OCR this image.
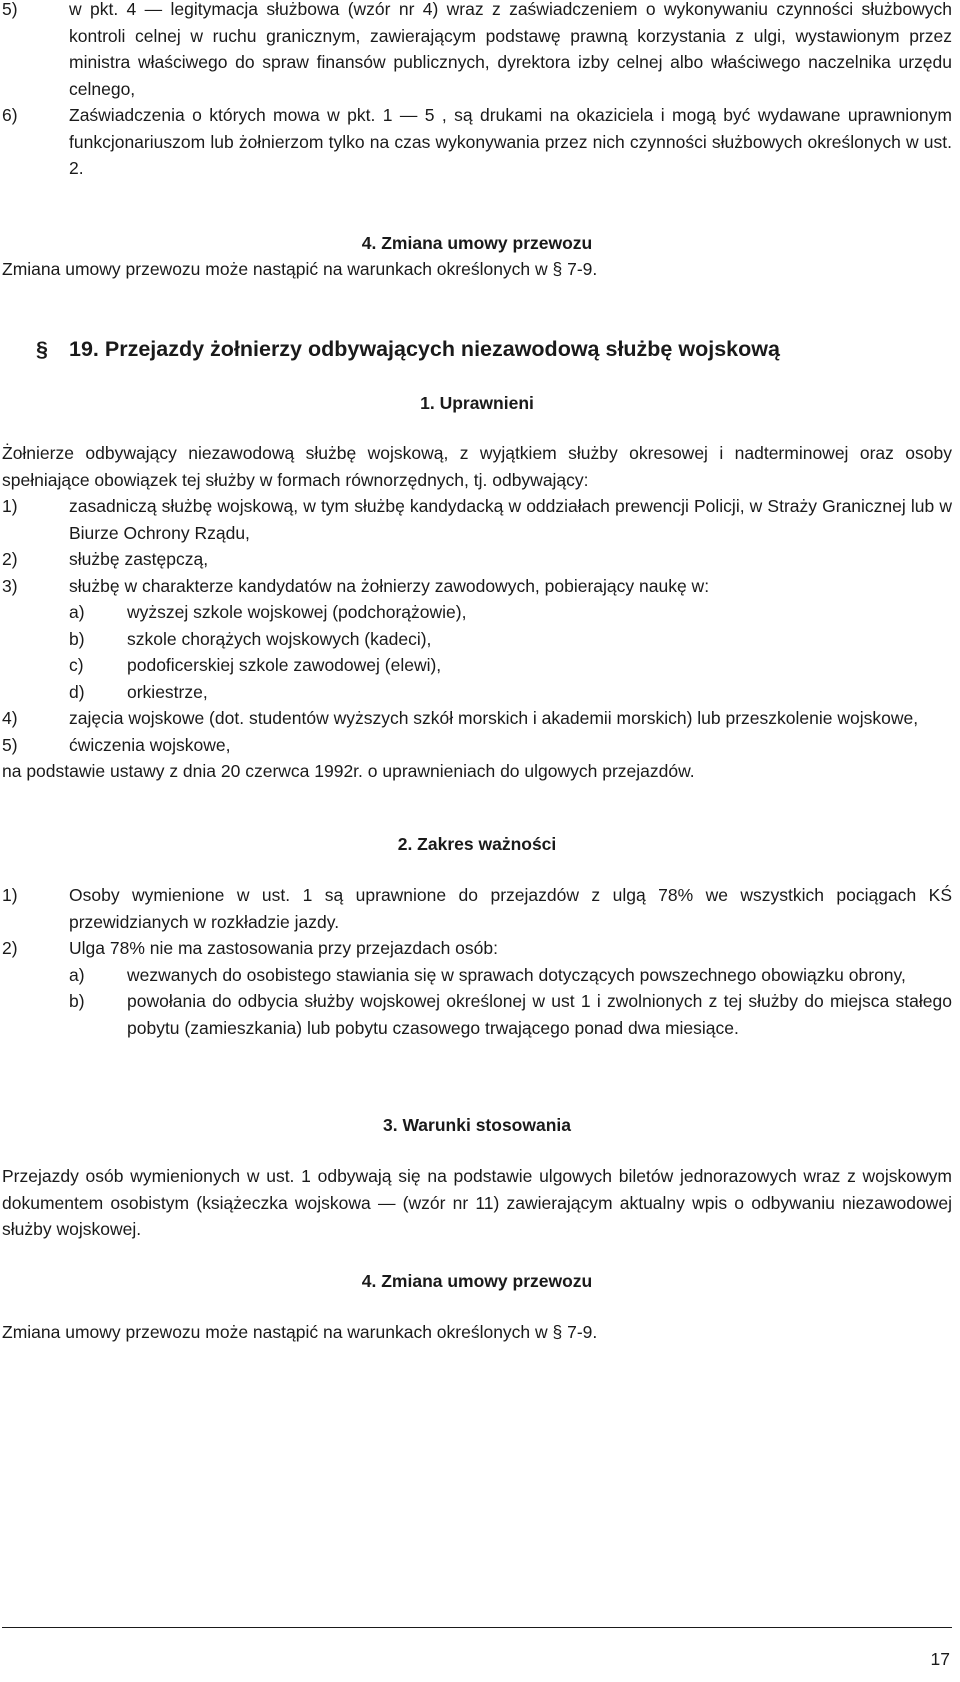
5)	w pkt. 4 — legitymacja służbowa (wzór nr 4) wraz z zaświadczeniem o wykonywaniu czynności służbowych kontroli celnej w ruchu granicznym, zawierającym podstawę prawną korzystania z ulgi, wystawionym przez ministra właściwego do spraw finansów publicznych, dyrektora izby celnej albo właściwego naczelnika urzędu celnego,
6)	Zaświadczenia o których mowa w pkt. 1 — 5 , są drukami na okaziciela i mogą być wydawane uprawnionym funkcjonariuszom lub żołnierzom tylko na czas wykonywania przez nich czynności służbowych określonych w ust. 2.
4. Zmiana umowy przewozu
Zmiana umowy przewozu może nastąpić na warunkach określonych w § 7-9.
§ 19. Przejazdy żołnierzy odbywających niezawodową służbę wojskową
1. Uprawnieni
Żołnierze odbywający niezawodową służbę wojskową, z wyjątkiem służby okresowej i nadterminowej oraz osoby spełniające obowiązek tej służby w formach równorzędnych, tj. odbywający:
1)	zasadniczą służbę wojskową, w tym służbę kandydacką w oddziałach prewencji Policji, w Straży Granicznej lub w Biurze Ochrony Rządu,
2)	służbę zastępczą,
3)	służbę w charakterze kandydatów na żołnierzy zawodowych, pobierający naukę w:
a) wyższej szkole wojskowej (podchorążowie),
b) szkole chorążych wojskowych (kadeci),
c) podoficerskiej szkole zawodowej (elewi),
d) orkiestrze,
4)	zajęcia wojskowe (dot. studentów wyższych szkół morskich i akademii morskich) lub przeszkolenie wojskowe,
5)	ćwiczenia wojskowe,
na podstawie ustawy z dnia 20 czerwca 1992r. o uprawnieniach do ulgowych przejazdów.
2. Zakres ważności
1)	Osoby wymienione w ust. 1 są uprawnione do przejazdów z ulgą 78% we wszystkich pociągach KŚ przewidzianych w rozkładzie jazdy.
2)	Ulga 78% nie ma zastosowania przy przejazdach osób:
a) wezwanych do osobistego stawiania się w sprawach dotyczących powszechnego obowiązku obrony,
b) powołania do odbycia służby wojskowej określonej w ust 1 i zwolnionych z tej służby do miejsca stałego pobytu (zamieszkania) lub pobytu czasowego trwającego ponad dwa miesiące.
3. Warunki stosowania
Przejazdy osób wymienionych w ust. 1 odbywają się na podstawie ulgowych biletów jednorazowych wraz z wojskowym dokumentem osobistym (książeczka wojskowa — (wzór nr 11) zawierającym aktualny wpis o odbywaniu niezawodowej służby wojskowej.
4. Zmiana umowy przewozu
Zmiana umowy przewozu może nastąpić na warunkach określonych w § 7-9.
17
